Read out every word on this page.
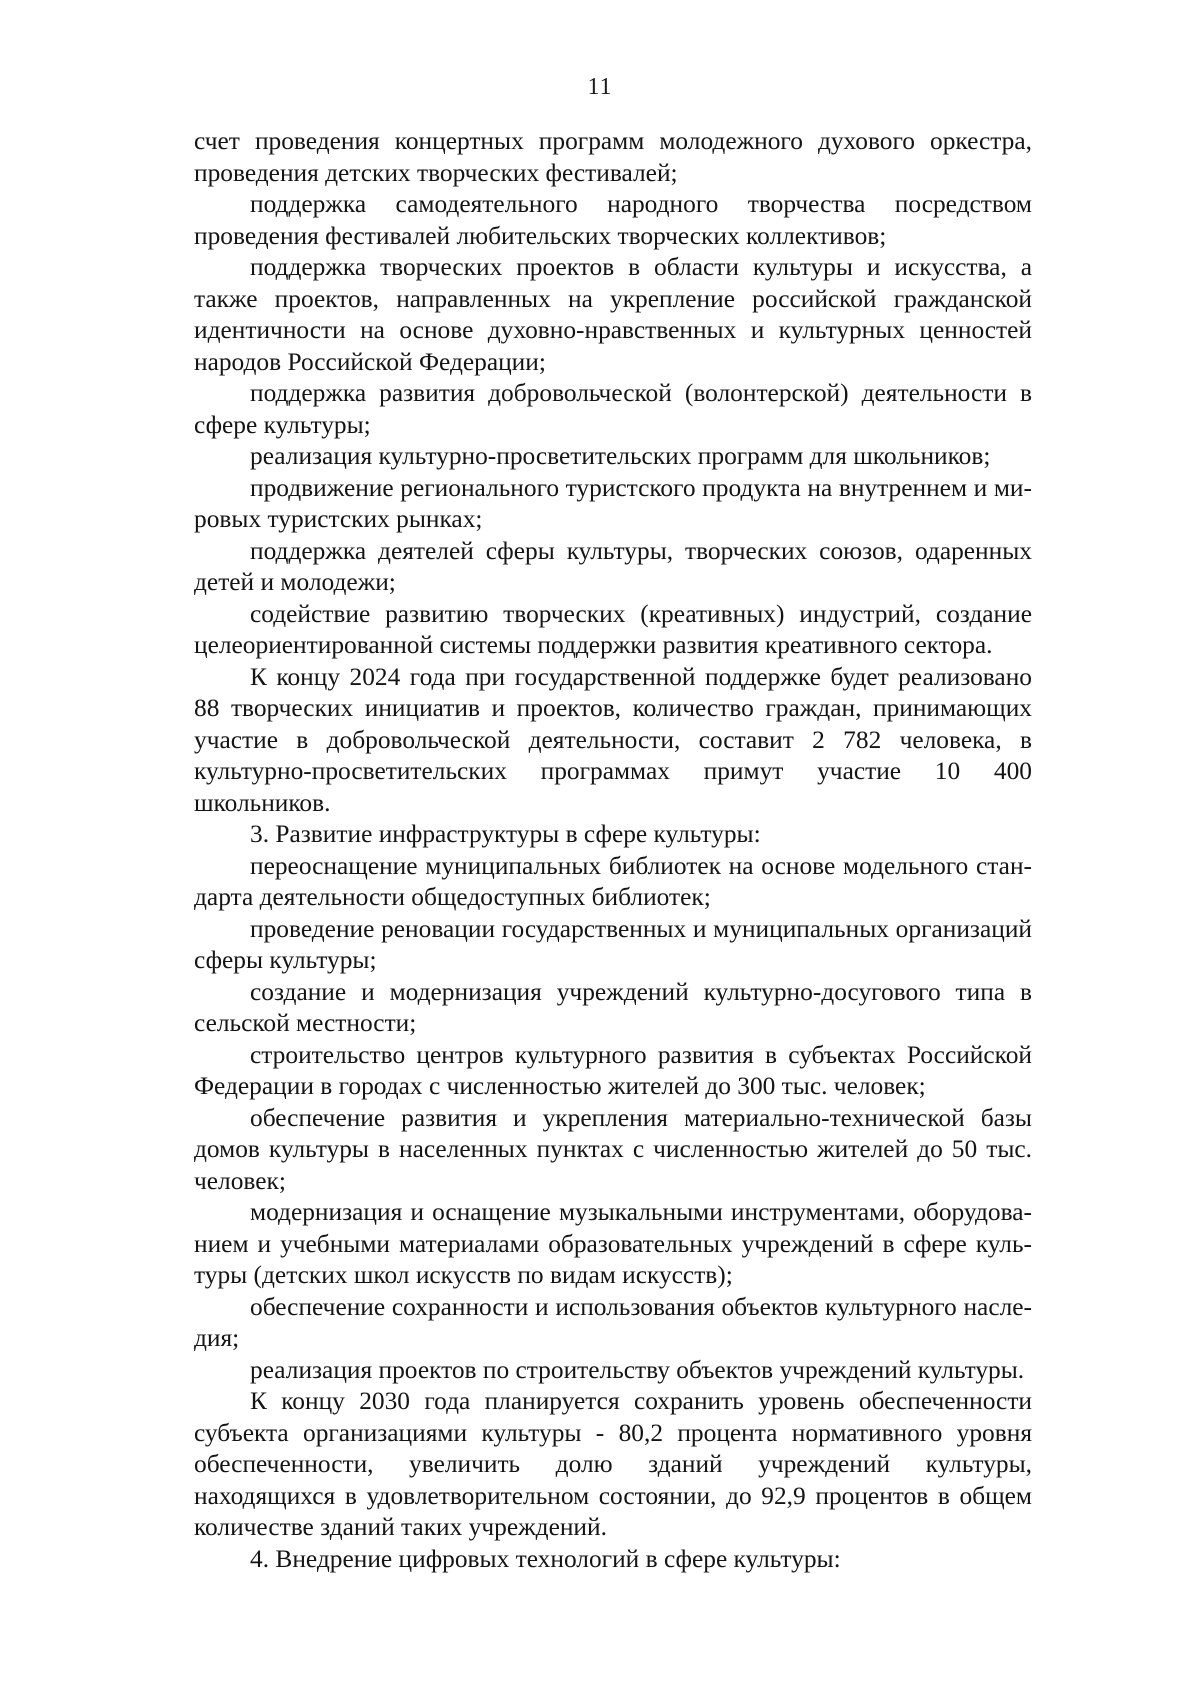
11

счет проведения концертных программ молодежного духового оркестра, проведения детских творческих фестивалей;

поддержка самодеятельного народного творчества посредством проведения фестивалей любительских творческих коллективов;

поддержка творческих проектов в области культуры и искусства, а также проектов, направленных на укрепление российской гражданской идентичности на основе духовно-нравственных и культурных ценностей народов Российской Федерации;

поддержка развития добровольческой (волонтерской) деятельности в сфере культуры;

реализация культурно-просветительских программ для школьников;

продвижение регионального туристского продукта на внутреннем и мировых туристских рынках;

поддержка деятелей сферы культуры, творческих союзов, одаренных детей и молодежи;

содействие развитию творческих (креативных) индустрий, создание целеориентированной системы поддержки развития креативного сектора.

К концу 2024 года при государственной поддержке будет реализовано 88 творческих инициатив и проектов, количество граждан, принимающих участие в добровольческой деятельности, составит 2 782 человека, в культурно-просветительских программах примут участие 10 400 школьников.

3. Развитие инфраструктуры в сфере культуры:

переоснащение муниципальных библиотек на основе модельного стандарта деятельности общедоступных библиотек;

проведение реновации государственных и муниципальных организаций сферы культуры;

создание и модернизация учреждений культурно-досугового типа в сельской местности;

строительство центров культурного развития в субъектах Российской Федерации в городах с численностью жителей до 300 тыс. человек;

обеспечение развития и укрепления материально-технической базы домов культуры в населенных пунктах с численностью жителей до 50 тыс. человек;

модернизация и оснащение музыкальными инструментами, оборудованием и учебными материалами образовательных учреждений в сфере культуры (детских школ искусств по видам искусств);

обеспечение сохранности и использования объектов культурного наследия;

реализация проектов по строительству объектов учреждений культуры.

К концу 2030 года планируется сохранить уровень обеспеченности субъекта организациями культуры - 80,2 процента нормативного уровня обеспеченности, увеличить долю зданий учреждений культуры, находящихся в удовлетворительном состоянии, до 92,9 процентов в общем количестве зданий таких учреждений.

4. Внедрение цифровых технологий в сфере культуры:
